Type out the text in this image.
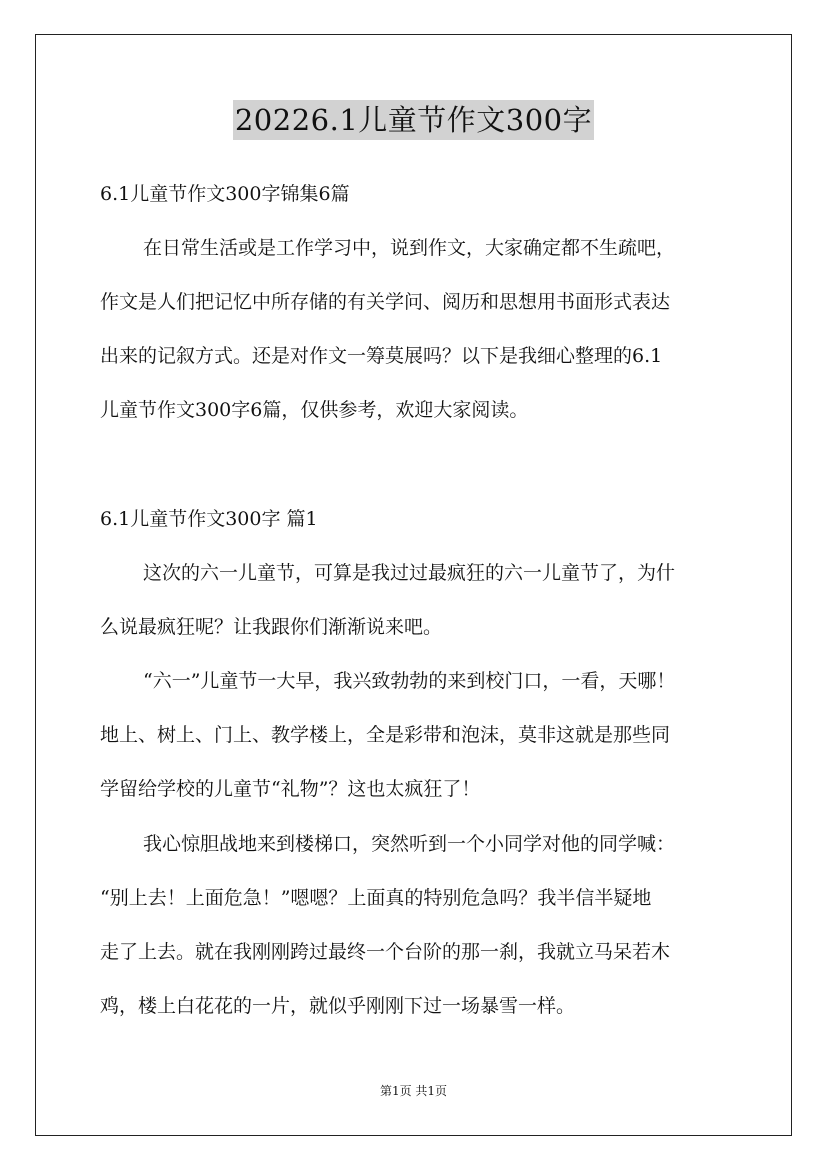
20226.1儿童节作文300字
6.1儿童节作文300字锦集6篇
在日常生活或是工作学习中，说到作文，大家确定都不生疏吧，
作文是人们把记忆中所存储的有关学问、阅历和思想用书面形式表达
出来的记叙方式。还是对作文一筹莫展吗？以下是我细心整理的6.1
儿童节作文300字6篇，仅供参考，欢迎大家阅读。
6.1儿童节作文300字 篇1
这次的六一儿童节，可算是我过过最疯狂的六一儿童节了，为什
么说最疯狂呢？让我跟你们渐渐说来吧。
“六一”儿童节一大早，我兴致勃勃的来到校门口，一看，天哪！
地上、树上、门上、教学楼上，全是彩带和泡沫，莫非这就是那些同
学留给学校的儿童节“礼物”？这也太疯狂了！
我心惊胆战地来到楼梯口，突然听到一个小同学对他的同学喊：
“别上去！上面危急！”嗯嗯？上面真的特别危急吗？我半信半疑地
走了上去。就在我刚刚跨过最终一个台阶的那一刹，我就立马呆若木
鸡，楼上白花花的一片，就似乎刚刚下过一场暴雪一样。
第1页 共1页
